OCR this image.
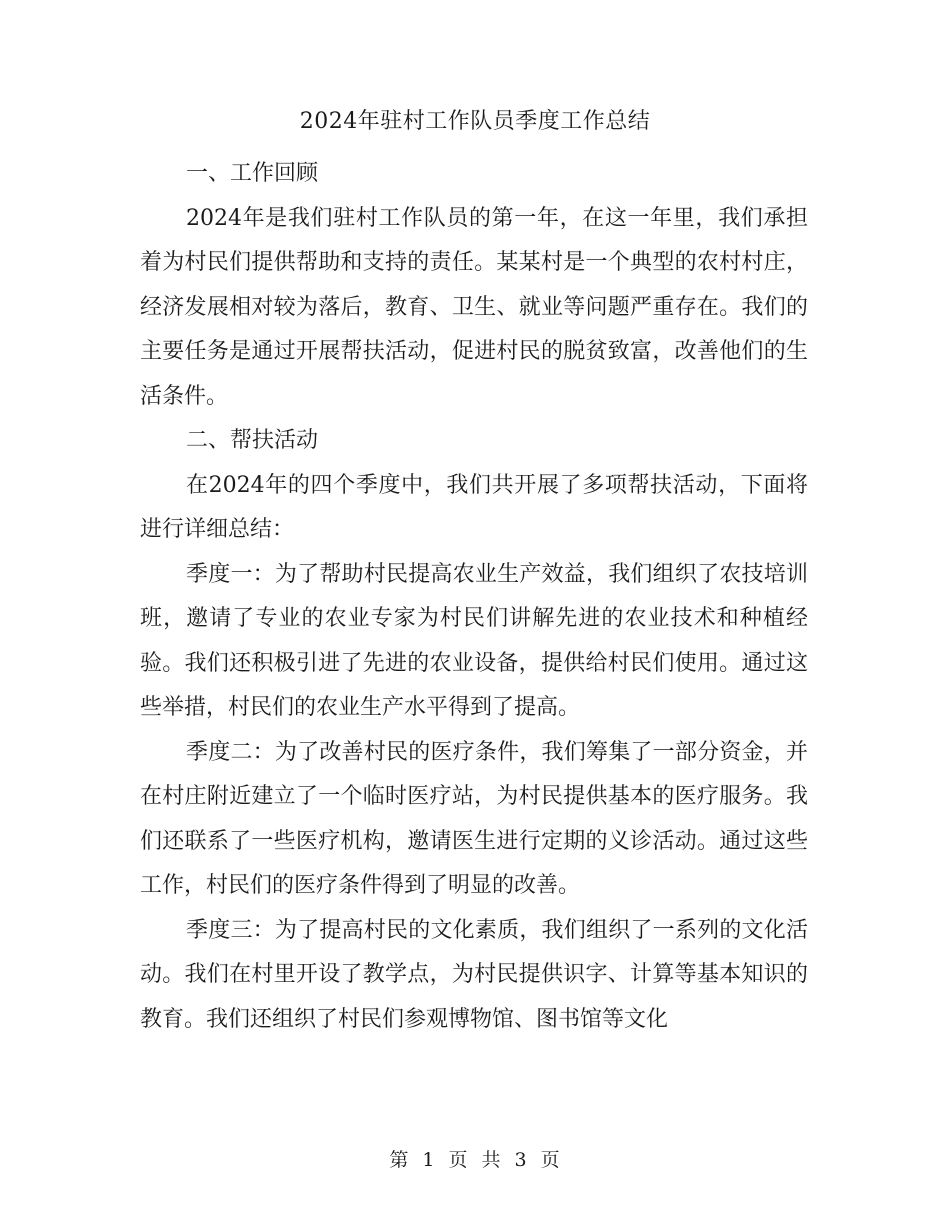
2024年驻村工作队员季度工作总结
一、工作回顾

2024年是我们驻村工作队员的第一年，在这一年里，我们承担着为村民们提供帮助和支持的责任。某某村是一个典型的农村村庄，经济发展相对较为落后，教育、卫生、就业等问题严重存在。我们的主要任务是通过开展帮扶活动，促进村民的脱贫致富，改善他们的生活条件。

二、帮扶活动

在2024年的四个季度中，我们共开展了多项帮扶活动，下面将进行详细总结：

季度一：为了帮助村民提高农业生产效益，我们组织了农技培训班，邀请了专业的农业专家为村民们讲解先进的农业技术和种植经验。我们还积极引进了先进的农业设备，提供给村民们使用。通过这些举措，村民们的农业生产水平得到了提高。

季度二：为了改善村民的医疗条件，我们筹集了一部分资金，并在村庄附近建立了一个临时医疗站，为村民提供基本的医疗服务。我们还联系了一些医疗机构，邀请医生进行定期的义诊活动。通过这些工作，村民们的医疗条件得到了明显的改善。

季度三：为了提高村民的文化素质，我们组织了一系列的文化活动。我们在村里开设了教学点，为村民提供识字、计算等基本知识的教育。我们还组织了村民们参观博物馆、图书馆等文化

第 1 页 共 3 页
